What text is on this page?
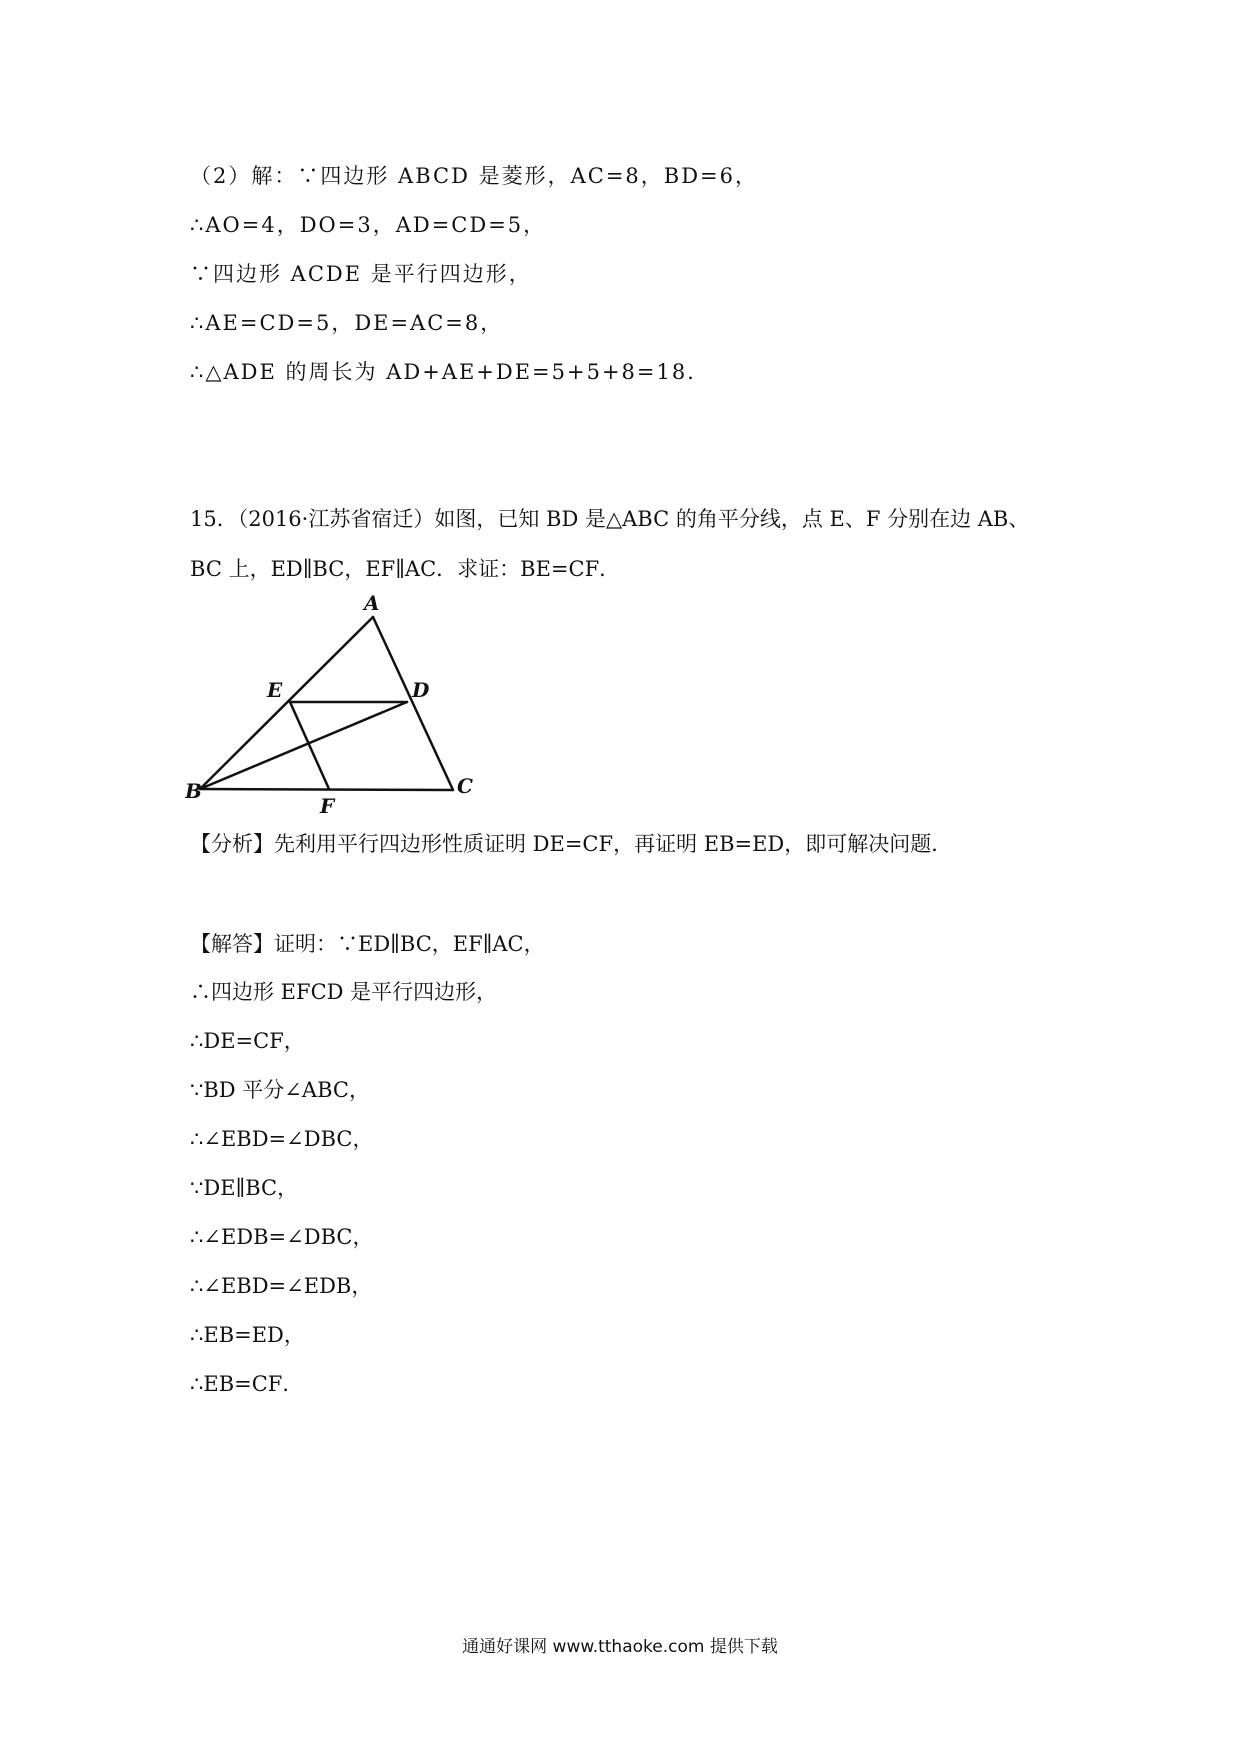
（2）解：∵四边形 ABCD 是菱形，AC=8，BD=6，
∴AO=4，DO=3，AD=CD=5，
∵四边形 ACDE 是平行四边形，
∴AE=CD=5，DE=AC=8，
∴△ADE 的周长为 AD+AE+DE=5+5+8=18．
15．（2016·江苏省宿迁）如图，已知 BD 是△ABC 的角平分线，点 E、F 分别在边 AB、
BC 上，ED∥BC，EF∥AC．求证：BE=CF．
A
E	D
B
F
C
【分析】先利用平行四边形性质证明 DE=CF，再证明 EB=ED，即可解决问题．
【解答】证明：∵ED∥BC，EF∥AC，
∴四边形 EFCD 是平行四边形，
∴DE=CF，
∵BD 平分∠ABC，
∴∠EBD=∠DBC，
∵DE∥BC，
∴∠EDB=∠DBC，
∴∠EBD=∠EDB，
∴EB=ED，
∴EB=CF．
通通好课网 www.tthaoke.com 提供下载
